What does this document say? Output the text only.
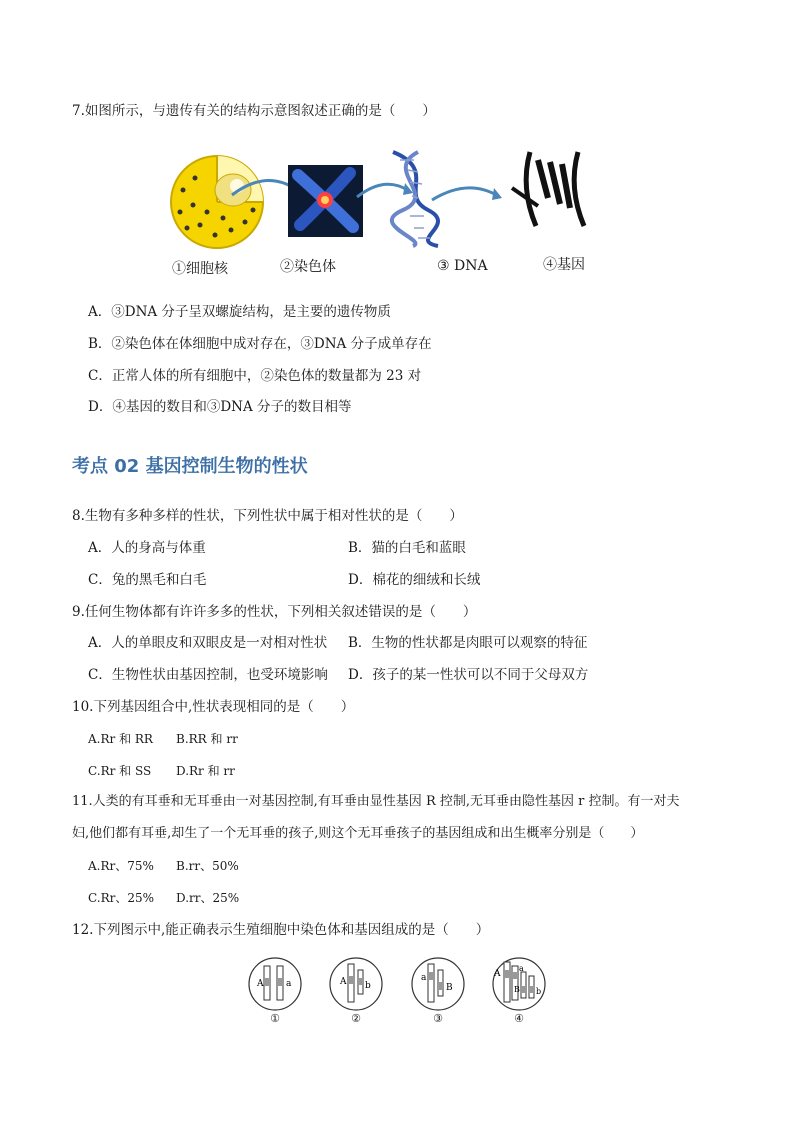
7.如图所示，与遗传有关的结构示意图叙述正确的是（　　）
①细胞核	②染色体	③ DNA	④基因
A．③DNA 分子呈双螺旋结构，是主要的遗传物质
B．②染色体在体细胞中成对存在，③DNA 分子成单存在
C．正常人体的所有细胞中，②染色体的数量都为 23 对
D．④基因的数目和③DNA 分子的数目相等
考点 02 基因控制生物的性状
8.生物有多种多样的性状，下列性状中属于相对性状的是（　　）
A．人的身高与体重	B．猫的白毛和蓝眼
C．兔的黑毛和白毛	D．棉花的细绒和长绒
9.任何生物体都有许许多多的性状，下列相关叙述错误的是（　　）
A．人的单眼皮和双眼皮是一对相对性状 B．生物的性状都是肉眼可以观察的特征
C．生物性状由基因控制，也受环境影响 D．孩子的某一性状可以不同于父母双方
10.下列基因组合中,性状表现相同的是（　　）
A.Rr 和 RR B.RR 和 rr
C.Rr 和 SS D.Rr 和 rr
11.人类的有耳垂和无耳垂由一对基因控制,有耳垂由显性基因 R 控制,无耳垂由隐性基因 r 控制。有一对夫
妇,他们都有耳垂,却生了一个无耳垂的孩子,则这个无耳垂孩子的基因组成和出生概率分别是（　　）
A.Rr、75% B.rr、50%
C.Rr、25% D.rr、25%
12.下列图示中,能正确表示生殖细胞中染色体和基因组成的是（　　）
A	a
①
A b
②
a
B
③
A
a
B b
④
